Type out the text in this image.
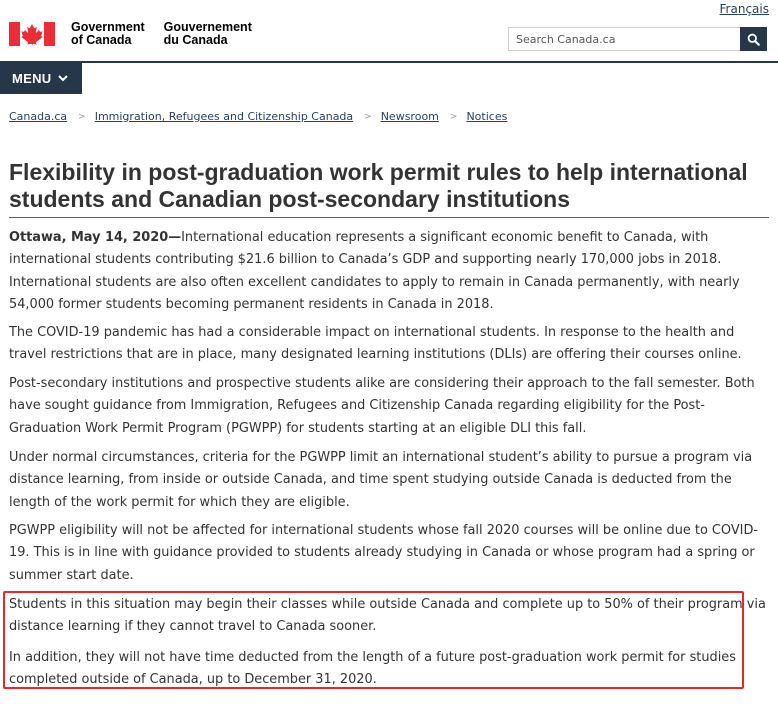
Français
Government
of Canada
Gouvernement
du Canada	Search Canada.ca
MENU
Canada.ca > Immigration, Refugees and Citizenship Canada > Newsroom > Notices
Flexibility in post-graduation work permit rules to help international students and Canadian post-secondary institutions

Ottawa, May 14, 2020—International education represents a significant economic benefit to Canada, with international students contributing $21.6 billion to Canada’s GDP and supporting nearly 170,000 jobs in 2018. International students are also often excellent candidates to apply to remain in Canada permanently, with nearly 54,000 former students becoming permanent residents in Canada in 2018.

The COVID-19 pandemic has had a considerable impact on international students. In response to the health and travel restrictions that are in place, many designated learning institutions (DLIs) are offering their courses online.

Post-secondary institutions and prospective students alike are considering their approach to the fall semester. Both have sought guidance from Immigration, Refugees and Citizenship Canada regarding eligibility for the Post-Graduation Work Permit Program (PGWPP) for students starting at an eligible DLI this fall.

Under normal circumstances, criteria for the PGWPP limit an international student’s ability to pursue a program via distance learning, from inside or outside Canada, and time spent studying outside Canada is deducted from the length of the work permit for which they are eligible.

PGWPP eligibility will not be affected for international students whose fall 2020 courses will be online due to COVID-19. This is in line with guidance provided to students already studying in Canada or whose program had a spring or summer start date.

Students in this situation may begin their classes while outside Canada and complete up to 50% of their program via distance learning if they cannot travel to Canada sooner.

In addition, they will not have time deducted from the length of a future post-graduation work permit for studies completed outside of Canada, up to December 31, 2020.
